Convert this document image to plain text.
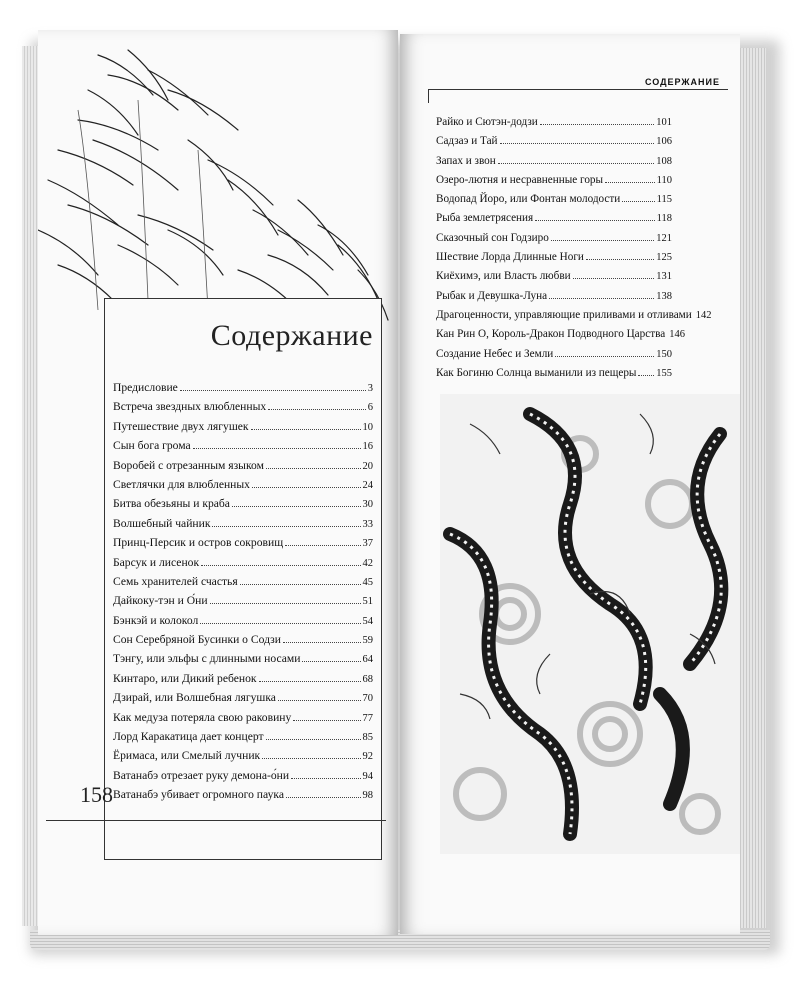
Содержание
Предисловие	3
Встреча звездных влюбленных	6
Путешествие двух лягушек	10
Сын бога грома	16
Воробей с отрезанным языком	20
Светлячки для влюбленных	24
Битва обезьяны и краба	30
Волшебный чайник	33
Принц-Персик и остров сокровищ	37
Барсук и лисенок	42
Семь хранителей счастья	45
Дайкоку-тэн и О́ни	51
Бэнкэй и колокол	54
Сон Серебряной Бусинки о Содзи	59
Тэнгу, или эльфы с длинными носами	64
Кинтаро, или Дикий ребенок	68
Дзирай, или Волшебная лягушка	70
Как медуза потеряла свою раковину	77
Лорд Каракатица дает концерт	85
Ёримаса, или Смелый лучник	92
Ватанабэ отрезает руку демона-о́ни	94
Ватанабэ убивает огромного паука	98
158
СОДЕРЖАНИЕ
Райко и Сютэн-додзи	101
Садзаэ и Тай	106
Запах и звон	108
Озеро-лютня и несравненные горы	110
Водопад Йоро, или Фонтан молодости	115
Рыба землетрясения	118
Сказочный сон Годзиро	121
Шествие Лорда Длинные Ноги	125
Киёхимэ, или Власть любви	131
Рыбак и Девушка-Луна	138
Драгоценности, управляющие приливами и отливами 142
Кан Рин О, Король-Дракон Подводного Царства 146
Создание Небес и Земли	150
Как Богиню Солнца выманили из пещеры 155
